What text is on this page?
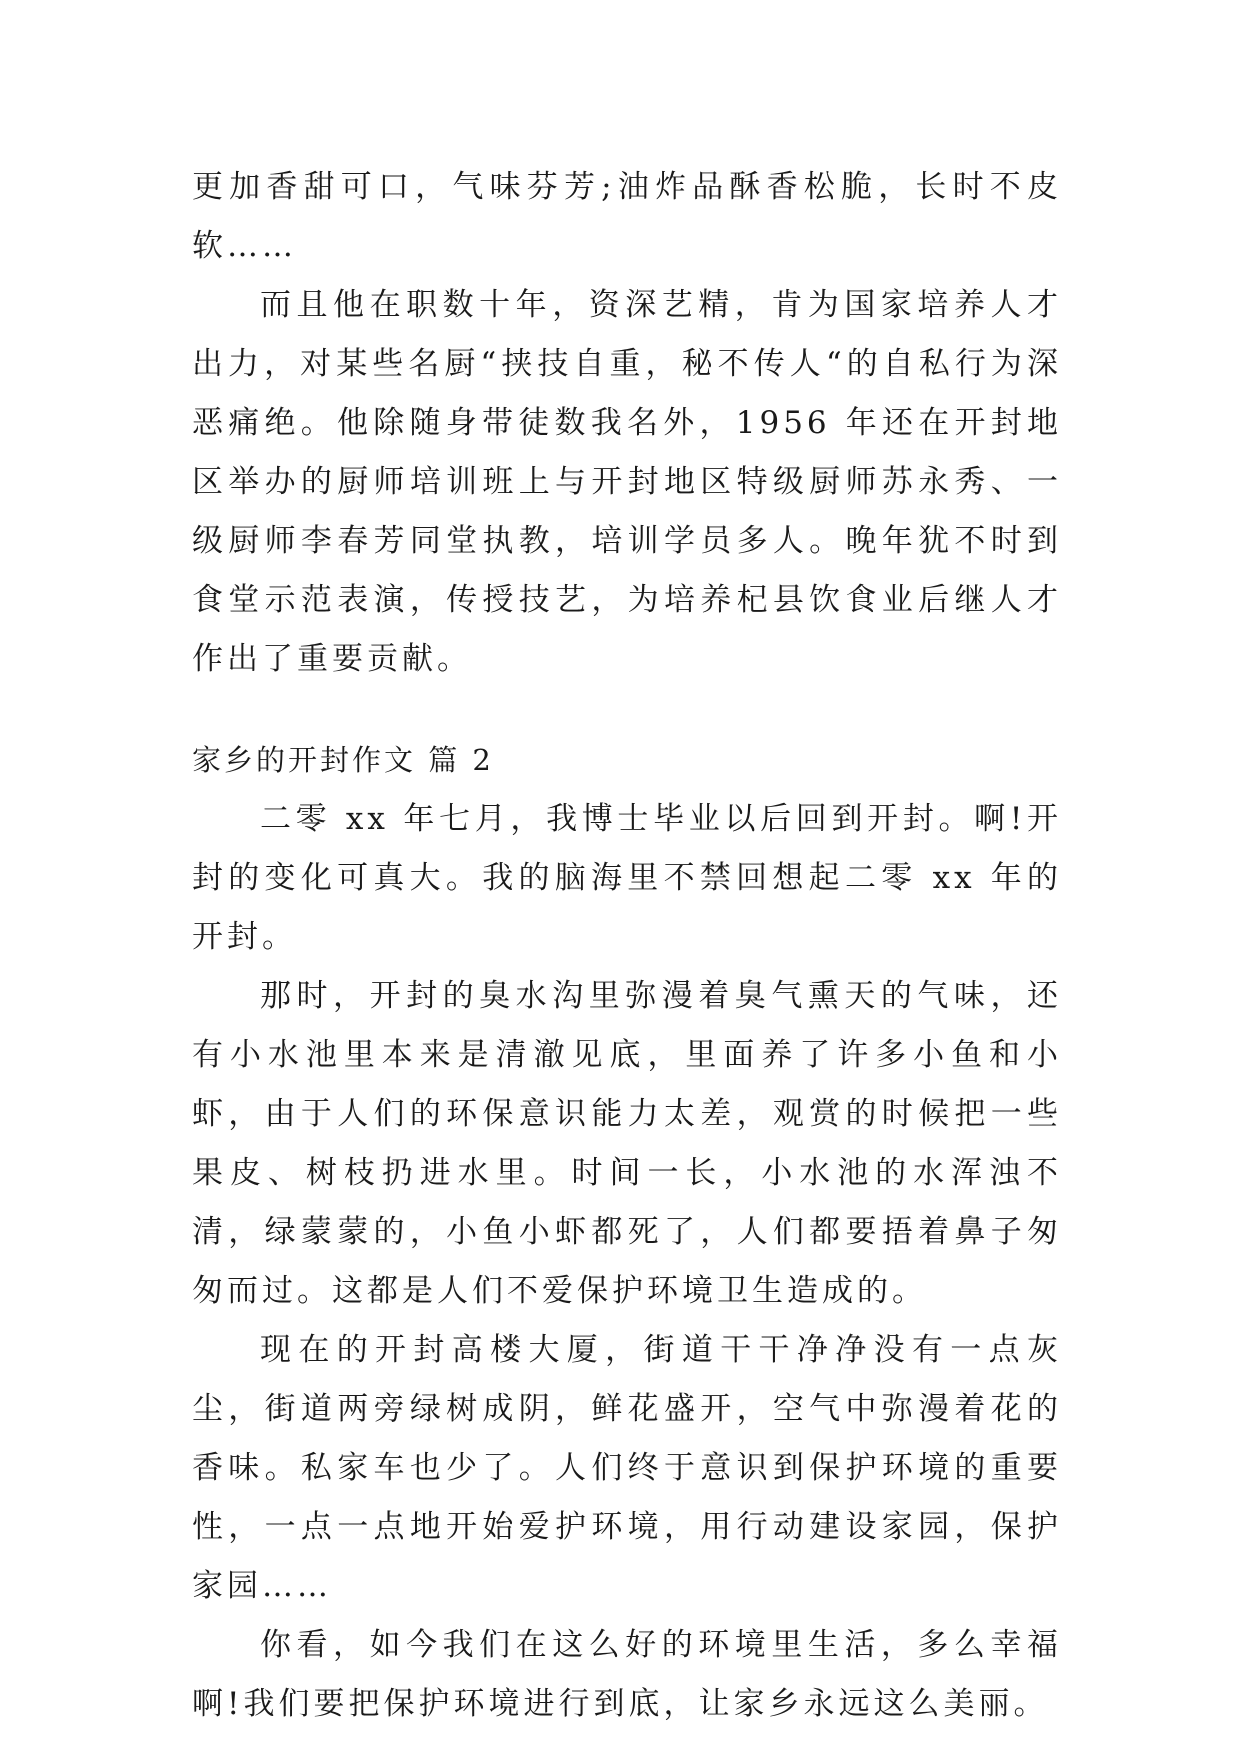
更加香甜可口，气味芬芳;油炸品酥香松脆，长时不皮软……

而且他在职数十年，资深艺精，肯为国家培养人才出力，对某些名厨“挟技自重，秘不传人“的自私行为深恶痛绝。他除随身带徒数我名外，1956 年还在开封地区举办的厨师培训班上与开封地区特级厨师苏永秀、一级厨师李春芳同堂执教，培训学员多人。晚年犹不时到食堂示范表演，传授技艺，为培养杞县饮食业后继人才作出了重要贡献。

家乡的开封作文 篇 2

二零 xx 年七月，我博士毕业以后回到开封。啊!开封的变化可真大。我的脑海里不禁回想起二零 xx 年的开封。

那时，开封的臭水沟里弥漫着臭气熏天的气味，还有小水池里本来是清澈见底，里面养了许多小鱼和小虾，由于人们的环保意识能力太差，观赏的时候把一些果皮、树枝扔进水里。时间一长，小水池的水浑浊不清，绿蒙蒙的，小鱼小虾都死了，人们都要捂着鼻子匆匆而过。这都是人们不爱保护环境卫生造成的。

现在的开封高楼大厦，街道干干净净没有一点灰尘，街道两旁绿树成阴，鲜花盛开，空气中弥漫着花的香味。私家车也少了。人们终于意识到保护环境的重要性，一点一点地开始爱护环境，用行动建设家园，保护家园……

你看，如今我们在这么好的环境里生活，多么幸福啊!我们要把保护环境进行到底，让家乡永远这么美丽。
